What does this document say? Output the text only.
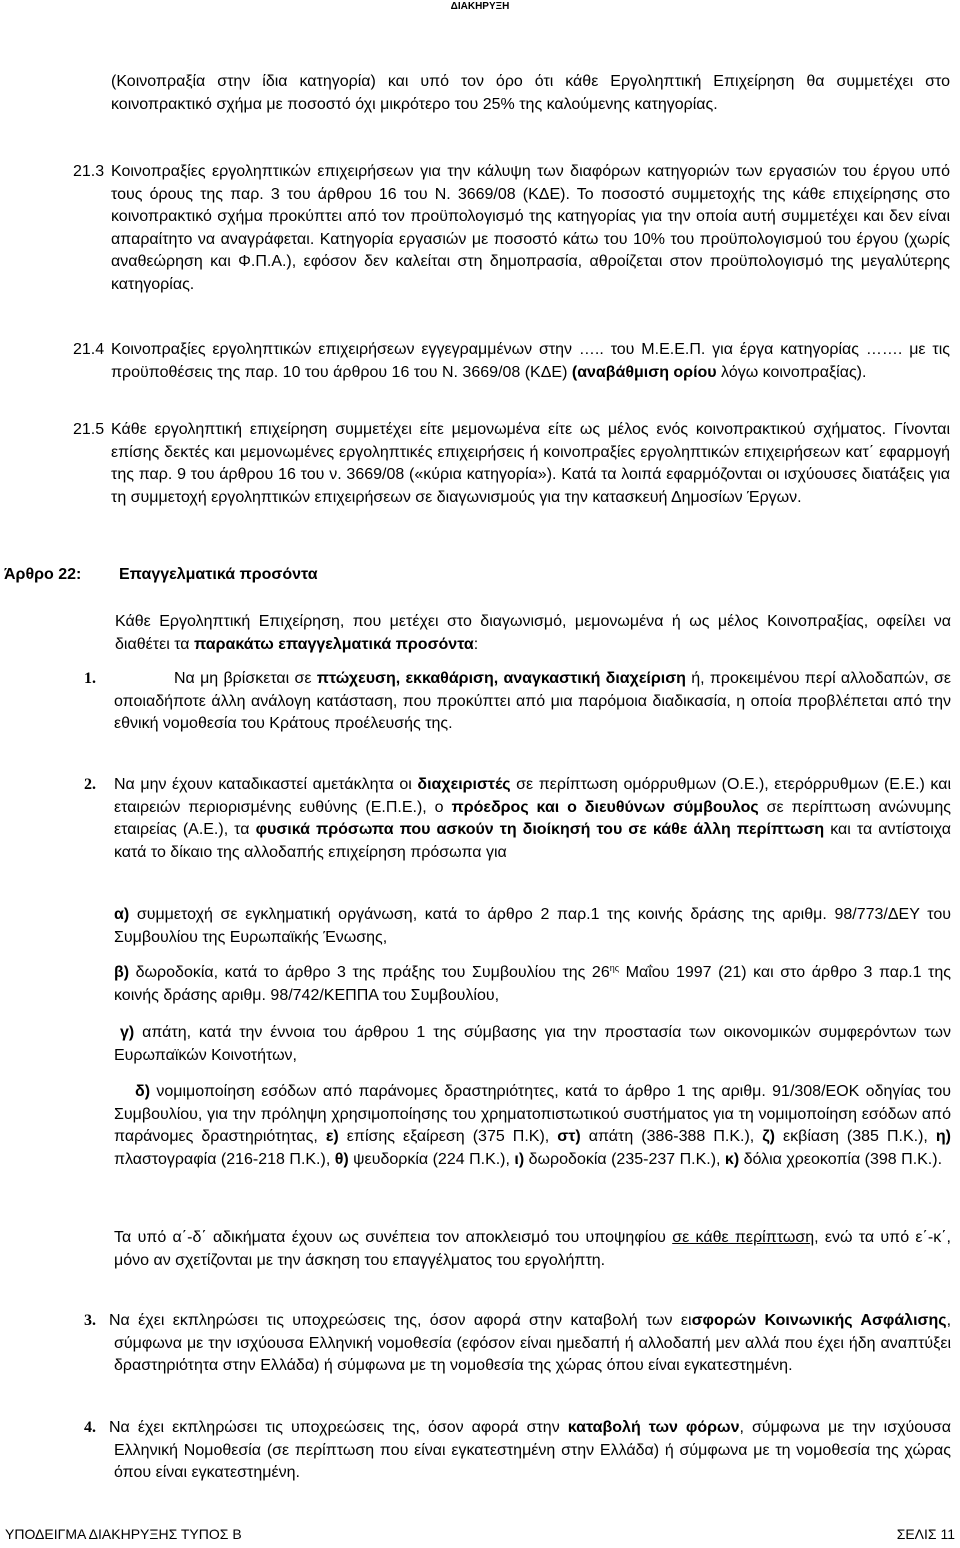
ΔΙΑΚΗΡΥΞΗ

(Κοινοπραξία στην ίδια κατηγορία) και υπό τον όρο ότι κάθε Εργοληπτική Επιχείρηση θα συμμετέχει στο κοινοπρακτικό σχήμα με ποσοστό όχι μικρότερο του 25% της καλούμενης κατηγορίας.

21.3 Κοινοπραξίες εργοληπτικών επιχειρήσεων για την κάλυψη των διαφόρων κατηγοριών των εργασιών του έργου υπό τους όρους της παρ. 3 του άρθρου 16 του Ν. 3669/08 (ΚΔΕ). Το ποσοστό συμμετοχής της κάθε επιχείρησης στο κοινοπρακτικό σχήμα προκύπτει από τον προϋπολογισμό της κατηγορίας για την οποία αυτή συμμετέχει και δεν είναι απαραίτητο να αναγράφεται. Κατηγορία εργασιών με ποσοστό κάτω του 10% του προϋπολογισμού του έργου (χωρίς αναθεώρηση και Φ.Π.Α.), εφόσον δεν καλείται στη δημοπρασία, αθροίζεται στον προϋπολογισμό της μεγαλύτερης κατηγορίας.

21.4 Κοινοπραξίες εργοληπτικών επιχειρήσεων εγγεγραμμένων στην ….. του Μ.Ε.Ε.Π. για έργα κατηγορίας ……. με τις προϋποθέσεις της παρ. 10 του άρθρου 16 του Ν. 3669/08 (ΚΔΕ) (αναβάθμιση ορίου λόγω κοινοπραξίας).

21.5 Κάθε εργοληπτική επιχείρηση συμμετέχει είτε μεμονωμένα είτε ως μέλος ενός κοινοπρακτικού σχήματος. Γίνονται επίσης δεκτές και μεμονωμένες εργοληπτικές επιχειρήσεις ή κοινοπραξίες εργοληπτικών επιχειρήσεων κατ΄ εφαρμογή της παρ. 9 του άρθρου 16 του ν. 3669/08 («κύρια κατηγορία»). Κατά τα λοιπά εφαρμόζονται οι ισχύουσες διατάξεις για τη συμμετοχή εργοληπτικών επιχειρήσεων σε διαγωνισμούς για την κατασκευή Δημοσίων Έργων.

Άρθρο 22: Επαγγελματικά προσόντα

Κάθε Εργοληπτική Επιχείρηση, που μετέχει στο διαγωνισμό, μεμονωμένα ή ως μέλος Κοινοπραξίας, οφείλει να διαθέτει τα παρακάτω επαγγελματικά προσόντα:

1.	Να μη βρίσκεται σε πτώχευση, εκκαθάριση, αναγκαστική διαχείριση ή, προκειμένου περί αλλοδαπών, σε οποιαδήποτε άλλη ανάλογη κατάσταση, που προκύπτει από μια παρόμοια διαδικασία, η οποία προβλέπεται από την εθνική νομοθεσία του Κράτους προέλευσής της.

2.	Να μην έχουν καταδικαστεί αμετάκλητα οι διαχειριστές σε περίπτωση ομόρρυθμων (Ο.Ε.), ετερόρρυθμων (Ε.Ε.) και εταιρειών περιορισμένης ευθύνης (Ε.Π.Ε.), ο πρόεδρος και ο διευθύνων σύμβουλος σε περίπτωση ανώνυμης εταιρείας (Α.Ε.), τα φυσικά πρόσωπα που ασκούν τη διοίκησή του σε κάθε άλλη περίπτωση και τα αντίστοιχα κατά το δίκαιο της αλλοδαπής επιχείρηση πρόσωπα για

α) συμμετοχή σε εγκληματική οργάνωση, κατά το άρθρο 2 παρ.1 της κοινής δράσης της αριθμ. 98/773/ΔΕΥ του Συμβουλίου της Ευρωπαϊκής Ένωσης,

β) δωροδοκία, κατά το άρθρο 3 της πράξης του Συμβουλίου της $26^{\eta\varsigma}$ Μαΐου 1997 (21) και στο άρθρο 3 παρ.1 της κοινής δράσης αριθμ. 98/742/ΚΕΠΠΑ του Συμβουλίου,

γ) απάτη, κατά την έννοια του άρθρου 1 της σύμβασης για την προστασία των οικονομικών συμφερόντων των Ευρωπαϊκών Κοινοτήτων,

δ) νομιμοποίηση εσόδων από παράνομες δραστηριότητες, κατά το άρθρο 1 της αριθμ. 91/308/ΕΟΚ οδηγίας του Συμβουλίου, για την πρόληψη χρησιμοποίησης του χρηματοπιστωτικού συστήματος για τη νομιμοποίηση εσόδων από παράνομες δραστηριότητας, ε) επίσης εξαίρεση (375 Π.Κ), στ) απάτη (386-388 Π.Κ.), ζ) εκβίαση (385 Π.Κ.), η) πλαστογραφία (216-218 Π.Κ.), θ) ψευδορκία (224 Π.Κ.), ι) δωροδοκία (235-237 Π.Κ.), κ) δόλια χρεοκοπία (398 Π.Κ.).

Τα υπό α΄-δ΄ αδικήματα έχουν ως συνέπεια τον αποκλεισμό του υποψηφίου σε κάθε περίπτωση, ενώ τα υπό ε΄-κ΄, μόνο αν σχετίζονται με την άσκηση του επαγγέλματος του εργολήπτη.

3. Να έχει εκπληρώσει τις υποχρεώσεις της, όσον αφορά στην καταβολή των εισφορών Κοινωνικής Ασφάλισης, σύμφωνα με την ισχύουσα Ελληνική νομοθεσία (εφόσον είναι ημεδαπή ή αλλοδαπή μεν αλλά που έχει ήδη αναπτύξει δραστηριότητα στην Ελλάδα) ή σύμφωνα με τη νομοθεσία της χώρας όπου είναι εγκατεστημένη.

4. Να έχει εκπληρώσει τις υποχρεώσεις της, όσον αφορά στην καταβολή των φόρων, σύμφωνα με την ισχύουσα Ελληνική Νομοθεσία (σε περίπτωση που είναι εγκατεστημένη στην Ελλάδα) ή σύμφωνα με τη νομοθεσία της χώρας όπου είναι εγκατεστημένη.

ΥΠΟΔΕΙΓΜΑ ΔΙΑΚΗΡΥΞΗΣ ΤΥΠΟΣ Β	ΣΕΛΙΣ 11
